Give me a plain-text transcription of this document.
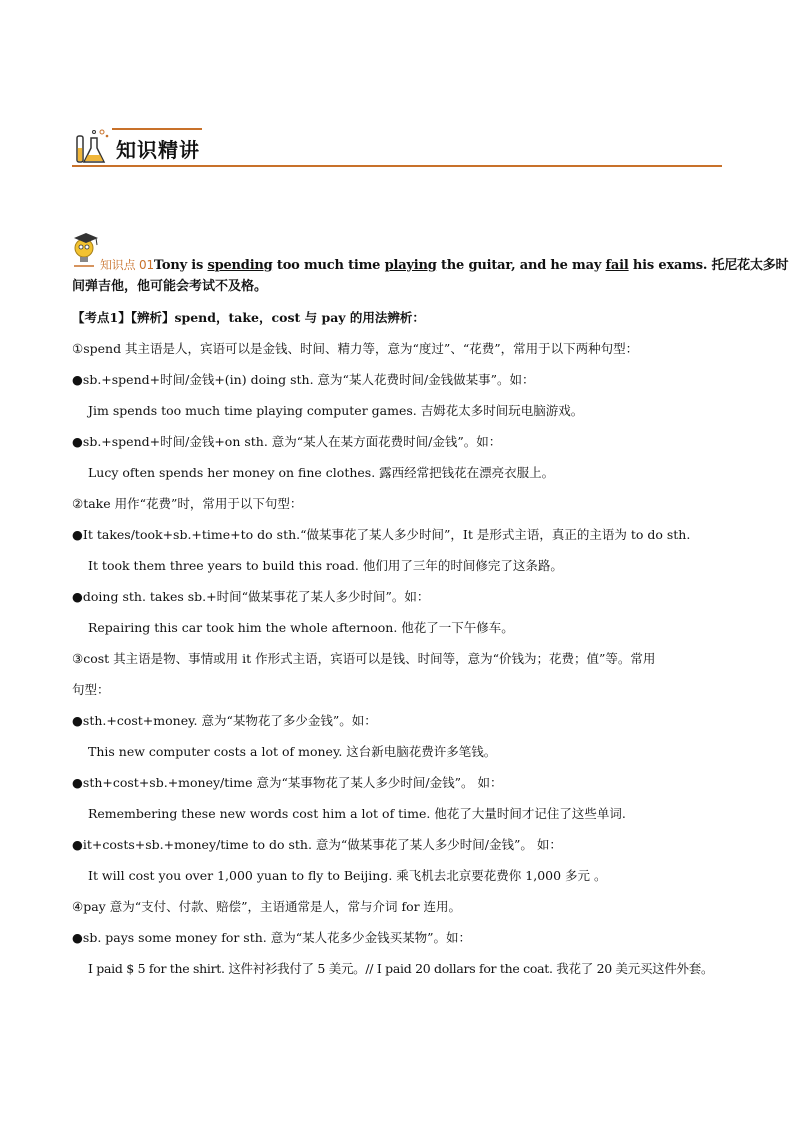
知识精讲
知识点 01Tony is spending too much time playing the guitar, and he may fail his exams. 托尼花太多时
间弹吉他，他可能会考试不及格。
【考点1】【辨析】spend，take，cost 与 pay 的用法辨析：
①spend 其主语是人，宾语可以是金钱、时间、精力等，意为“度过”、“花费”，常用于以下两种句型：
●sb.+spend+时间/金钱+(in) doing sth. 意为“某人花费时间/金钱做某事”。如：
Jim spends too much time playing computer games. 吉姆花太多时间玩电脑游戏。
●sb.+spend+时间/金钱+on sth. 意为“某人在某方面花费时间/金钱”。如：
Lucy often spends her money on fine clothes. 露西经常把钱花在漂亮衣服上。
②take 用作“花费”时，常用于以下句型：
●It takes/took+sb.+time+to do sth.“做某事花了某人多少时间”，It 是形式主语，真正的主语为 to do sth.
It took them three years to build this road. 他们用了三年的时间修完了这条路。
●doing sth. takes sb.+时间“做某事花了某人多少时间”。如：
Repairing this car took him the whole afternoon. 他花了一下午修车。
③cost 其主语是物、事情或用 it 作形式主语，宾语可以是钱、时间等，意为“价钱为；花费；值”等。常用
句型：
●sth.+cost+money. 意为“某物花了多少金钱”。如：
This new computer costs a lot of money. 这台新电脑花费许多笔钱。
●sth+cost+sb.+money/time 意为“某事物花了某人多少时间/金钱”。 如：
Remembering these new words cost him a lot of time. 他花了大量时间才记住了这些单词.
●it+costs+sb.+money/time to do sth. 意为“做某事花了某人多少时间/金钱”。 如：
It will cost you over 1,000 yuan to fly to Beijing. 乘飞机去北京要花费你 1,000 多元 。
④pay 意为“支付、付款、赔偿”，主语通常是人，常与介词 for 连用。
●sb. pays some money for sth. 意为“某人花多少金钱买某物”。如：
I paid $ 5 for the shirt. 这件衬衫我付了 5 美元。// I paid 20 dollars for the coat. 我花了 20 美元买这件外套。
